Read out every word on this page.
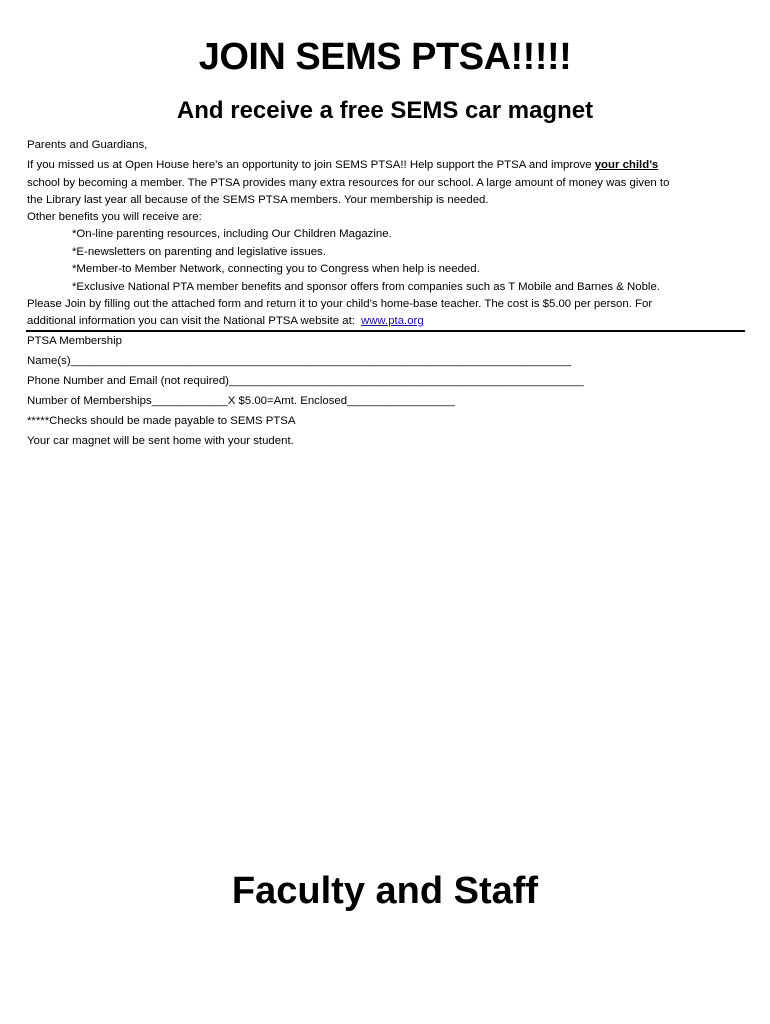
JOIN SEMS PTSA!!!!!
And receive a free SEMS car magnet
Parents and Guardians,
If you missed us at Open House here’s an opportunity to join SEMS PTSA!! Help support the PTSA and improve your child’s
school by becoming a member. The PTSA provides many extra resources for our school. A large amount of money was given to
the Library last year all because of the SEMS PTSA members. Your membership is needed.
Other benefits you will receive are:
*On-line parenting resources, including Our Children Magazine.
*E-newsletters on parenting and legislative issues.
*Member-to Member Network, connecting you to Congress when help is needed.
*Exclusive National PTA member benefits and sponsor offers from companies such as T Mobile and Barnes & Noble.
Please Join by filling out the attached form and return it to your child’s home-base teacher. The cost is $5.00 per person. For
additional information you can visit the National PTSA website at: www.pta.org
PTSA Membership
Name(s)_______________________________________________________________________________
Phone Number and Email (not required)________________________________________________________
Number of Memberships____________X $5.00=Amt. Enclosed_________________
*****Checks should be made payable to SEMS PTSA
Your car magnet will be sent home with your student.
Faculty and Staff
